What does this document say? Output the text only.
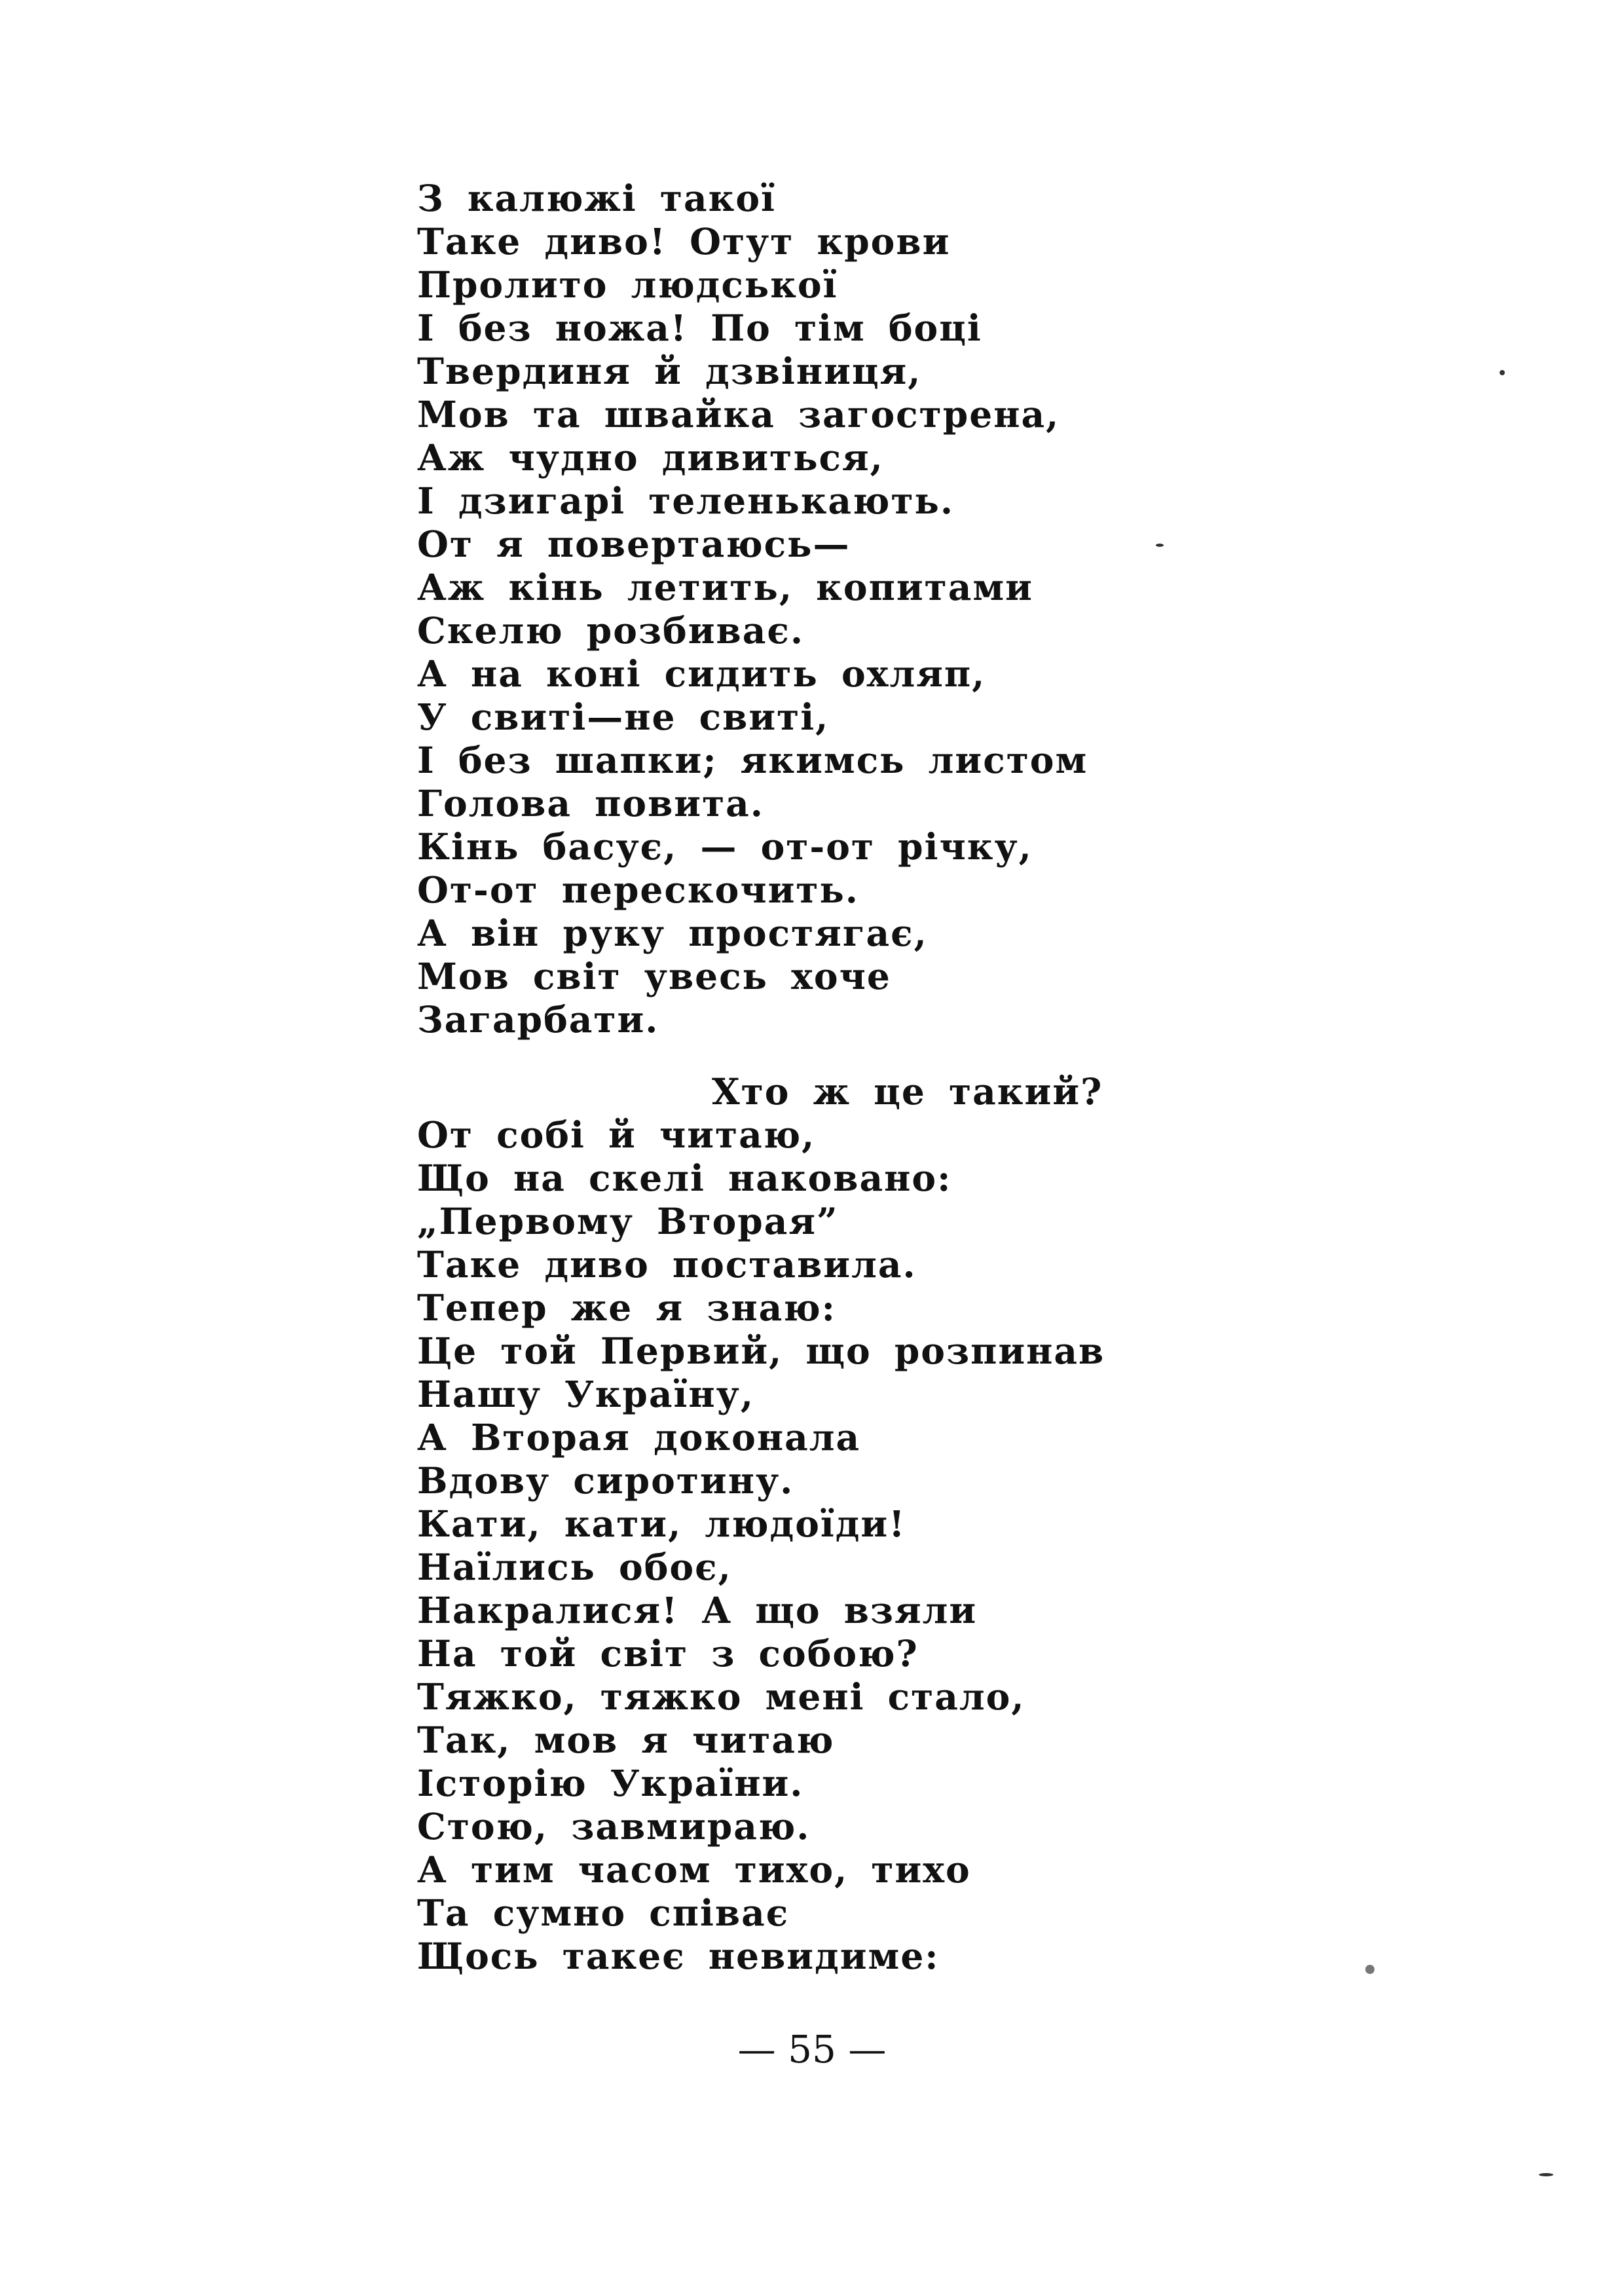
З калюжі такої
Таке диво! Отут крови
Пролито людської
І без ножа! По тім боці
Твердиня й дзвіниця,
Мов та швайка загострена,
Аж чудно дивиться,
І дзигарі теленькають.
От я повертаюсь—
Аж кінь летить, копитами
Скелю розбиває.
А на коні сидить охляп,
У свиті—не свиті,
І без шапки; якимсь листом
Голова повита.
Кінь басує, — от-от річку,
От-от перескочить.
А він руку простягає,
Мов світ увесь хоче
Загарбати.
Хто ж це такий?
От собі й читаю,
Що на скелі наковано:
„Первому Вторая”
Таке диво поставила.
Тепер же я знаю:
Це той Первий, що розпинав
Нашу Україну,
А Вторая доконала
Вдову сиротину.
Кати, кати, людоїди!
Наїлись обоє,
Накралися! А що взяли
На той світ з собою?
Тяжко, тяжко мені стало,
Так, мов я читаю
Історію України.
Стою, завмираю.
А тим часом тихо, тихо
Та сумно співає
Щось такеє невидиме:
— 55 —
